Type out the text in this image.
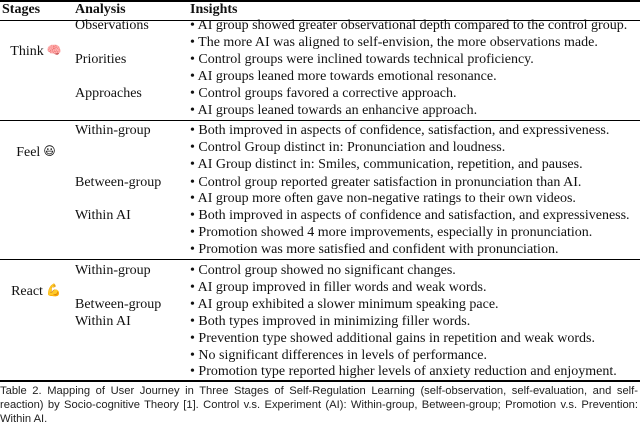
Stages Analysis	Insights
Think 🧠
Observations
Priorities
Approaches
• AI group showed greater observational depth compared to the control group.
• The more AI was aligned to self-envision, the more observations made.
• Control groups were inclined towards technical proficiency.
• AI groups leaned more towards emotional resonance.
• Control groups favored a corrective approach.
• AI groups leaned towards an enhancive approach.
Feel 😃
Within-group
Between-group
Within AI
• Both improved in aspects of confidence, satisfaction, and expressiveness.
• Control Group distinct in: Pronunciation and loudness.
• AI Group distinct in: Smiles, communication, repetition, and pauses.
• Control group reported greater satisfaction in pronunciation than AI.
• AI group more often gave non-negative ratings to their own videos.
• Both improved in aspects of confidence and satisfaction, and expressiveness.
• Promotion showed 4 more improvements, especially in pronunciation.
• Promotion was more satisfied and confident with pronunciation.
React 💪
Within-group
Between-group
Within AI
• Control group showed no significant changes.
• AI group improved in filler words and weak words.
• AI group exhibited a slower minimum speaking pace.
• Both types improved in minimizing filler words.
• Prevention type showed additional gains in repetition and weak words.
• No significant differences in levels of performance.
• Promotion type reported higher levels of anxiety reduction and enjoyment.
Table 2. Mapping of User Journey in Three Stages of Self-Regulation Learning (self-observation, self-evaluation, and self-reaction) by Socio-cognitive Theory [1]. Control v.s. Experiment (AI): Within-group, Between-group; Promotion v.s. Prevention: Within AI.
